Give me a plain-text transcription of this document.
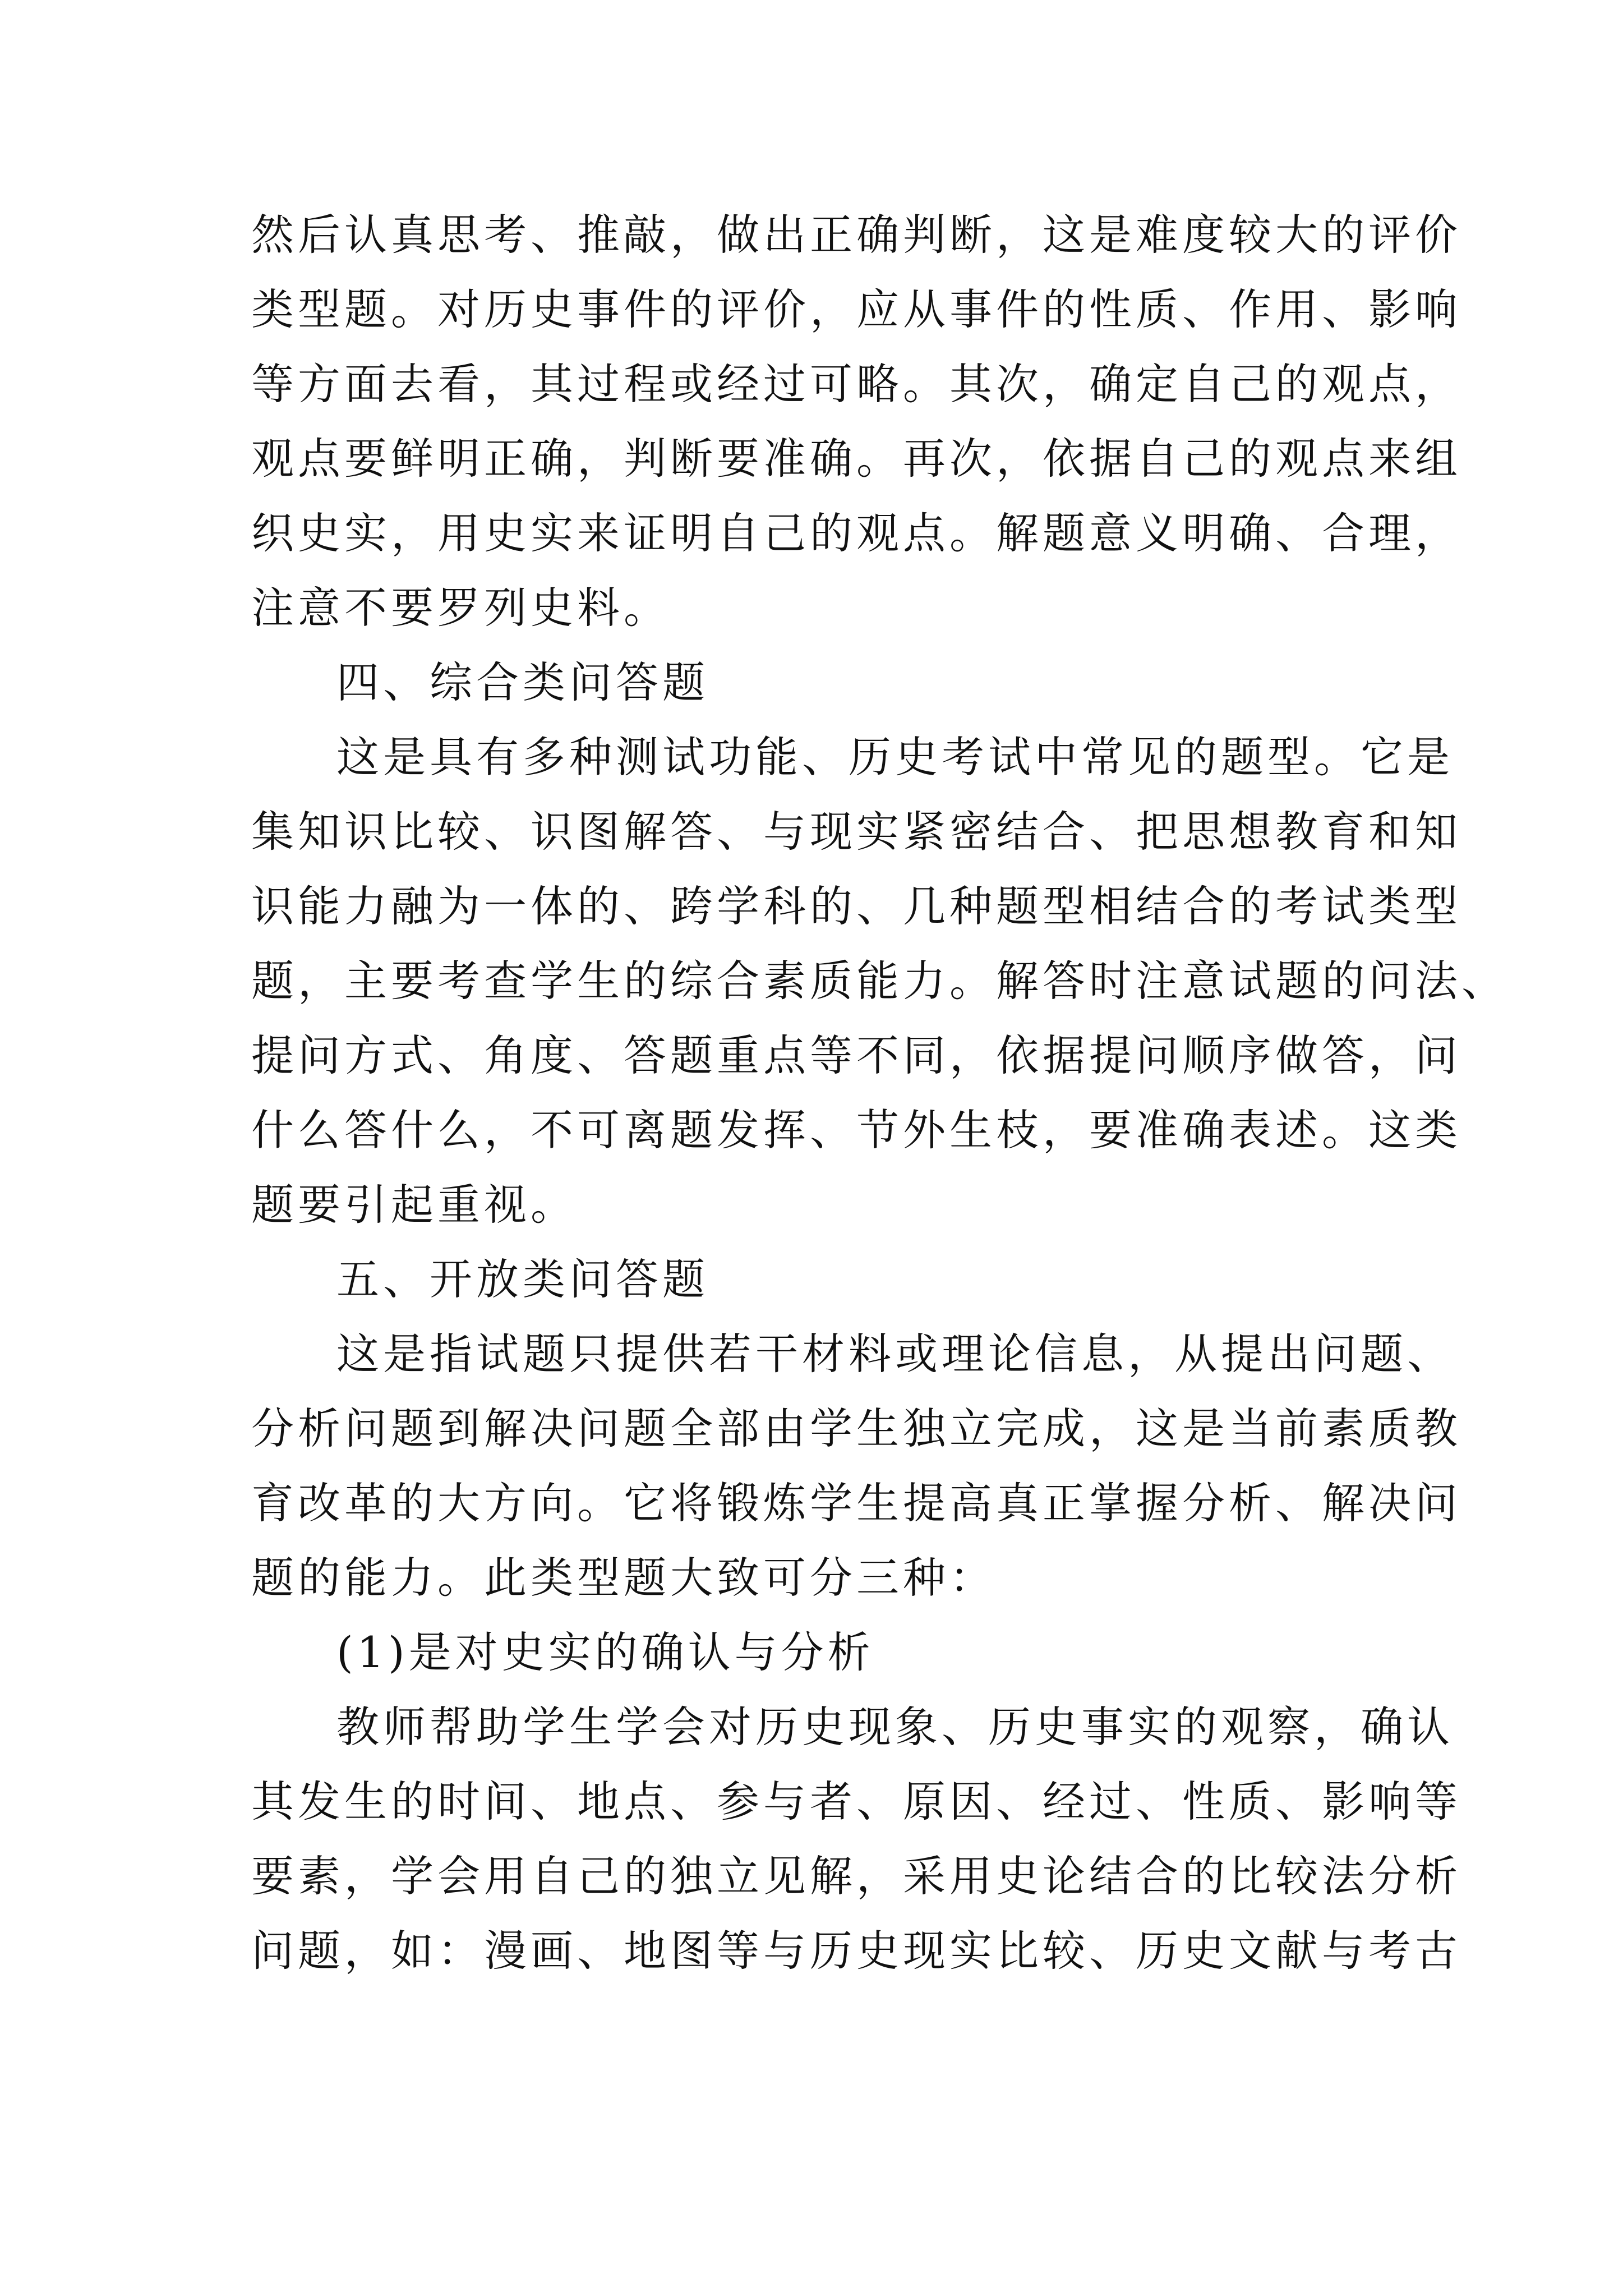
然后认真思考、推敲，做出正确判断，这是难度较大的评价
类型题。对历史事件的评价，应从事件的性质、作用、影响
等方面去看，其过程或经过可略。其次，确定自己的观点，
观点要鲜明正确，判断要准确。再次，依据自己的观点来组
织史实，用史实来证明自己的观点。解题意义明确、合理，
注意不要罗列史料。
四、综合类问答题
这是具有多种测试功能、历史考试中常见的题型。它是
集知识比较、识图解答、与现实紧密结合、把思想教育和知
识能力融为一体的、跨学科的、几种题型相结合的考试类型
题，主要考查学生的综合素质能力。解答时注意试题的问法、
提问方式、角度、答题重点等不同，依据提问顺序做答，问
什么答什么，不可离题发挥、节外生枝，要准确表述。这类
题要引起重视。
五、开放类问答题
这是指试题只提供若干材料或理论信息，从提出问题、
分析问题到解决问题全部由学生独立完成，这是当前素质教
育改革的大方向。它将锻炼学生提高真正掌握分析、解决问
题的能力。此类型题大致可分三种：
(1)是对史实的确认与分析
教师帮助学生学会对历史现象、历史事实的观察，确认
其发生的时间、地点、参与者、原因、经过、性质、影响等
要素，学会用自己的独立见解，采用史论结合的比较法分析
问题，如：漫画、地图等与历史现实比较、历史文献与考古
